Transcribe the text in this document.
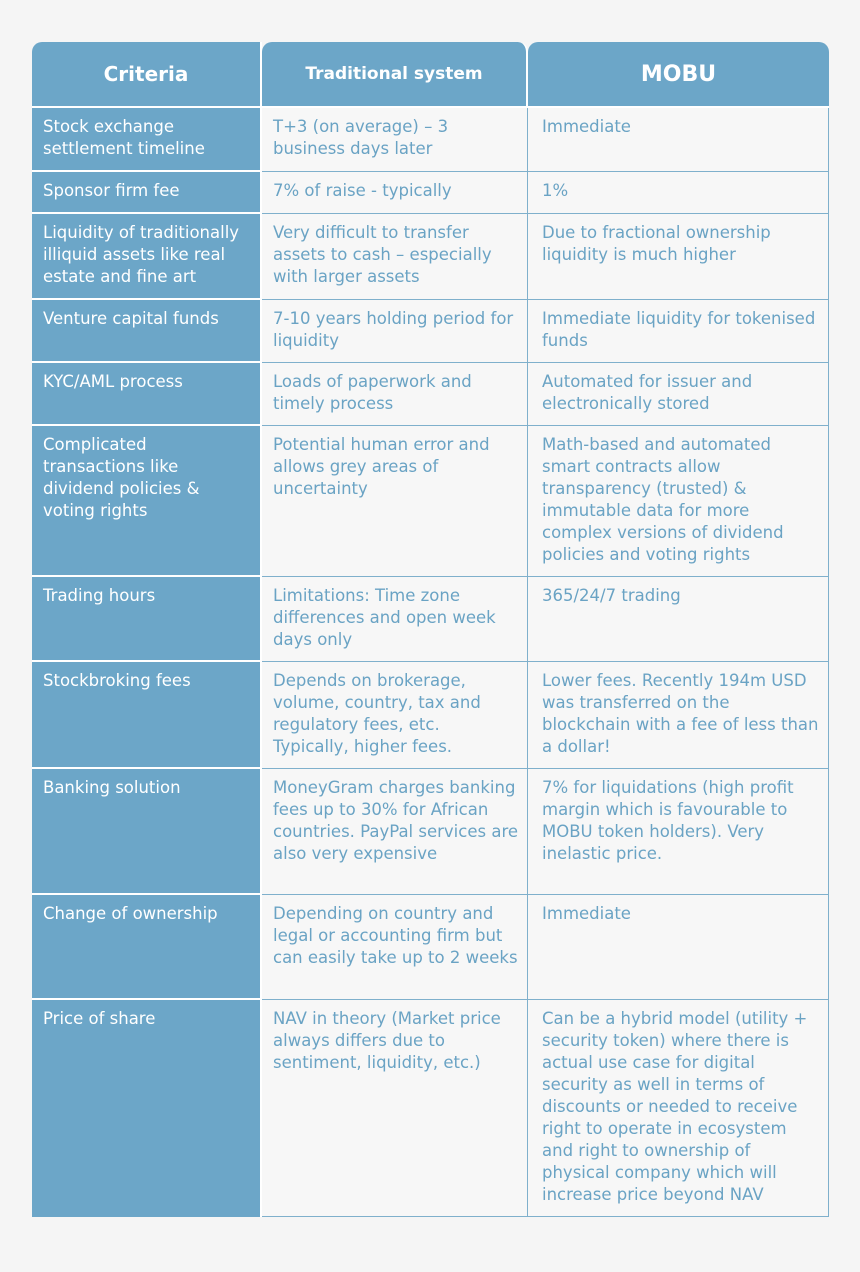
Criteria	Traditional system	MOBU
Stock exchange settlement timeline	T+3 (on average) – 3 business days later	Immediate
Sponsor firm fee	7% of raise - typically	1%
Liquidity of traditionally illiquid assets like real estate and fine art	Very difficult to transfer assets to cash – especially with larger assets	Due to fractional ownership liquidity is much higher
Venture capital funds	7-10 years holding period for liquidity	Immediate liquidity for tokenised funds
KYC/AML process	Loads of paperwork and timely process	Automated for issuer and electronically stored
Complicated transactions like dividend policies & voting rights	Potential human error and allows grey areas of uncertainty	Math-based and automated smart contracts allow transparency (trusted) & immutable data for more complex versions of dividend policies and voting rights
Trading hours	Limitations: Time zone differences and open week days only	365/24/7 trading
Stockbroking fees	Depends on brokerage, volume, country, tax and regulatory fees, etc. Typically, higher fees.	Lower fees. Recently 194m USD was transferred on the blockchain with a fee of less than a dollar!
Banking solution	MoneyGram charges banking fees up to 30% for African countries. PayPal services are also very expensive	7% for liquidations (high profit margin which is favourable to MOBU token holders). Very inelastic price.
Change of ownership	Depending on country and legal or accounting firm but can easily take up to 2 weeks	Immediate
Price of share	NAV in theory (Market price always differs due to sentiment, liquidity, etc.)	Can be a hybrid model (utility + security token) where there is actual use case for digital security as well in terms of discounts or needed to receive right to operate in ecosystem and right to ownership of physical company which will increase price beyond NAV
